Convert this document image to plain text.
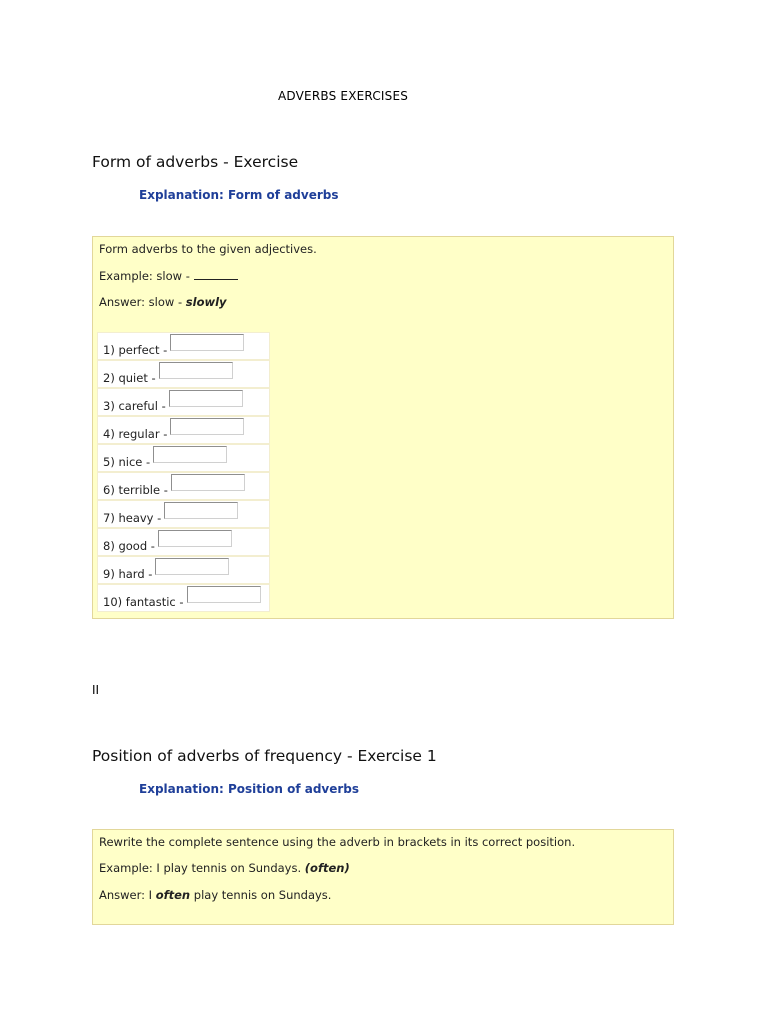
ADVERBS EXERCISES
Form of adverbs - Exercise
Explanation: Form of adverbs
Form adverbs to the given adjectives.
Example: slow -
Answer: slow - slowly
1) perfect -
2) quiet -
3) careful -
4) regular -
5) nice -
6) terrible -
7) heavy -
8) good -
9) hard -
10) fantastic -
II
Position of adverbs of frequency - Exercise 1
Explanation: Position of adverbs
Rewrite the complete sentence using the adverb in brackets in its correct position.
Example: I play tennis on Sundays. (often)
Answer: I often play tennis on Sundays.
